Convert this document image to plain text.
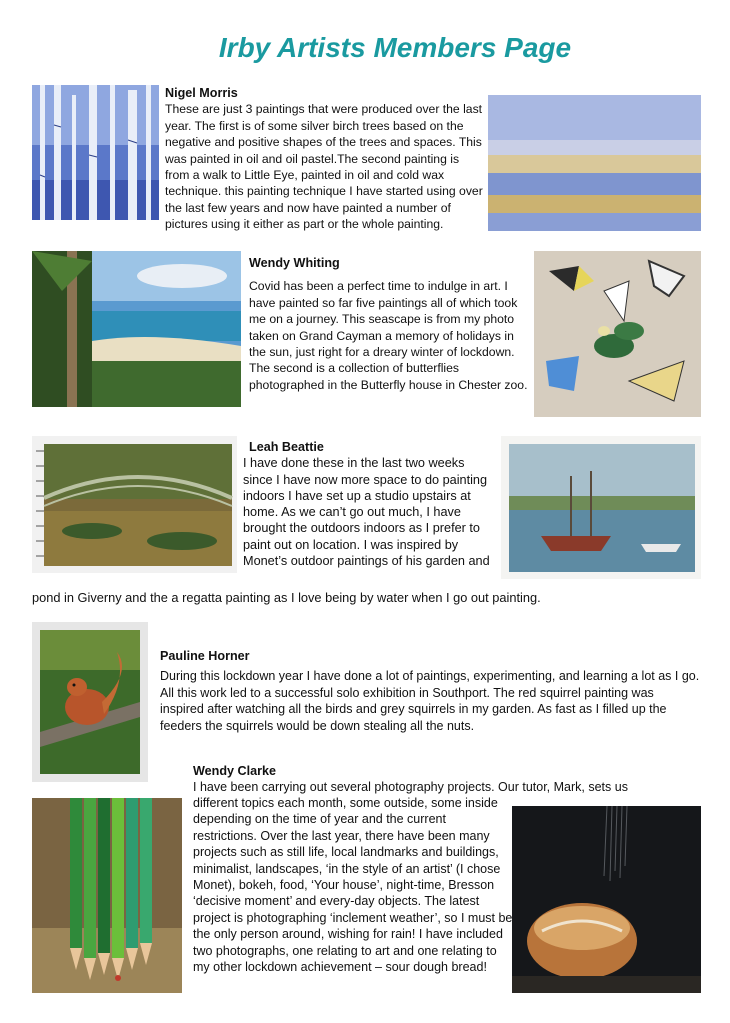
Irby Artists Members Page
Nigel Morris
These are just 3 paintings that were produced over the last year. The first is of some silver birch trees based on the negative and positive shapes of the trees and spaces. This was painted in oil and oil pastel.The second painting is from a walk to Little Eye, painted in oil and cold wax technique. this painting technique I have started using over the last few years and now have painted a number of pictures using it either as part or the whole painting.
Wendy Whiting
Covid has been a perfect time to indulge in art. I have painted so far five paintings all of which took me on a journey. This seascape is from my photo taken on Grand Cayman a memory of holidays in the sun, just right for a dreary winter of lockdown. The second is a collection of butterflies photographed in the Butterfly house in Chester zoo.
Leah Beattie
I have done these in the last two weeks since I have now more space to do painting indoors I have set up a studio upstairs at home. As we can’t go out much, I have brought the outdoors indoors as I prefer to paint out on location. I was inspired by Monet’s outdoor paintings of his garden and
pond in Giverny and the a regatta painting as I love being by water when I go out painting.
Pauline Horner
During this lockdown year I have done a lot of paintings, experimenting, and learning a lot as I go. All this work led to a successful solo exhibition in Southport. The red squirrel painting was inspired after watching all the birds and grey squirrels in my garden. As fast as I filled up the feeders the squirrels would be down stealing all the nuts.
Wendy Clarke
I have been carrying out several photography projects. Our tutor, Mark, sets us
different topics each month, some outside, some inside depending on the time of year and the current restrictions. Over the last year, there have been many projects such as still life, local landmarks and buildings, minimalist, landscapes, ‘in the style of an artist’ (I chose Monet), bokeh, food, ‘Your house’, night-time, Bresson ‘decisive moment’ and every-day objects. The latest project is photographing ‘inclement weather’, so I must be the only person around, wishing for rain! I have included two photographs, one relating to art and one relating to my other lockdown achievement – sour dough bread!
